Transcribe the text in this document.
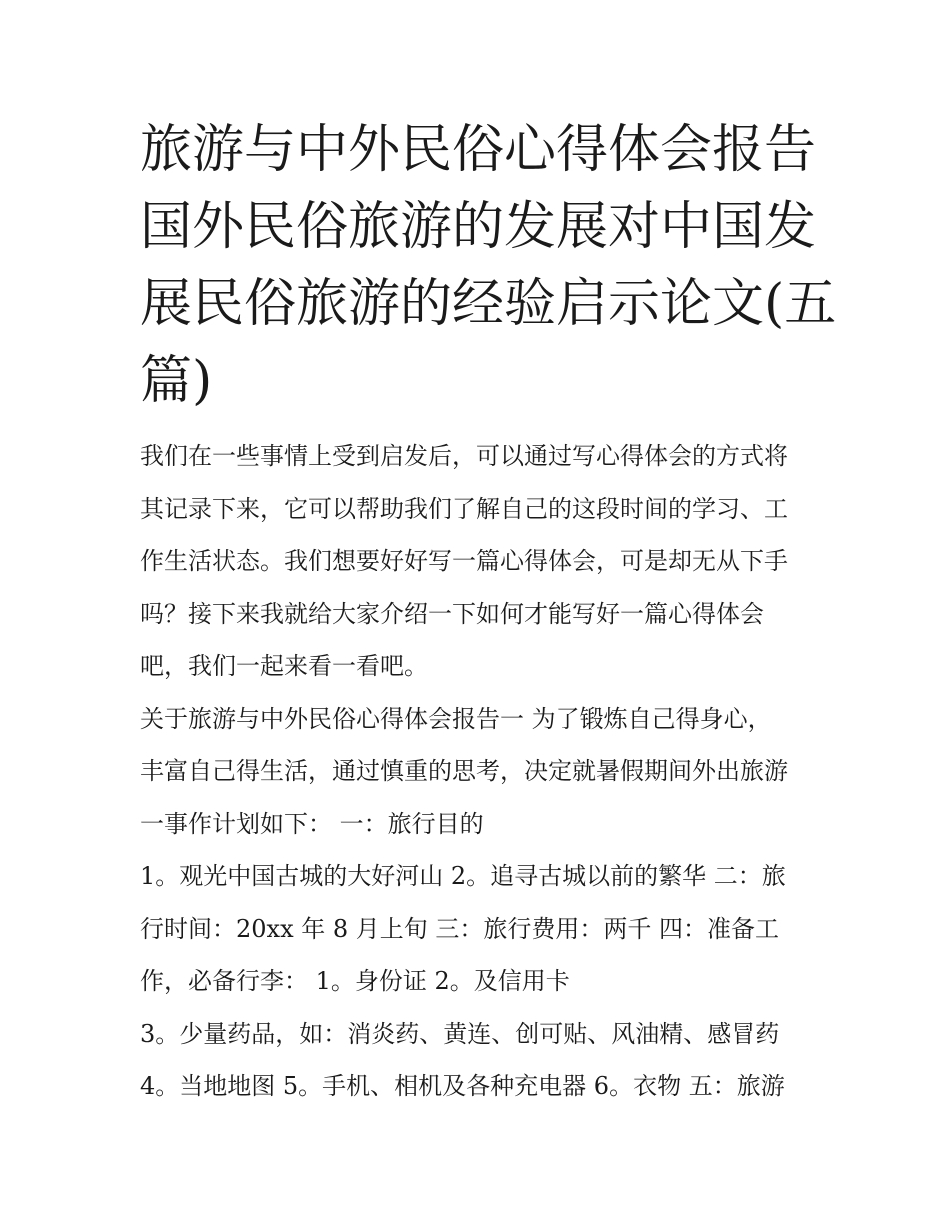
旅游与中外民俗心得体会报告
国外民俗旅游的发展对中国发
展民俗旅游的经验启示论文(五
篇)
我们在一些事情上受到启发后，可以通过写心得体会的方式将
其记录下来，它可以帮助我们了解自己的这段时间的学习、工
作生活状态。我们想要好好写一篇心得体会，可是却无从下手
吗？接下来我就给大家介绍一下如何才能写好一篇心得体会
吧，我们一起来看一看吧。
关于旅游与中外民俗心得体会报告一 为了锻炼自己得身心，
丰富自己得生活，通过慎重的思考，决定就暑假期间外出旅游
一事作计划如下： 一：旅行目的
1。观光中国古城的大好河山 2。追寻古城以前的繁华 二：旅
行时间：20xx 年 8 月上旬 三：旅行费用：两千 四：准备工
作，必备行李： 1。身份证 2。及信用卡
3。少量药品，如：消炎药、黄连、创可贴、风油精、感冒药
4。当地地图 5。手机、相机及各种充电器 6。衣物 五：旅游
